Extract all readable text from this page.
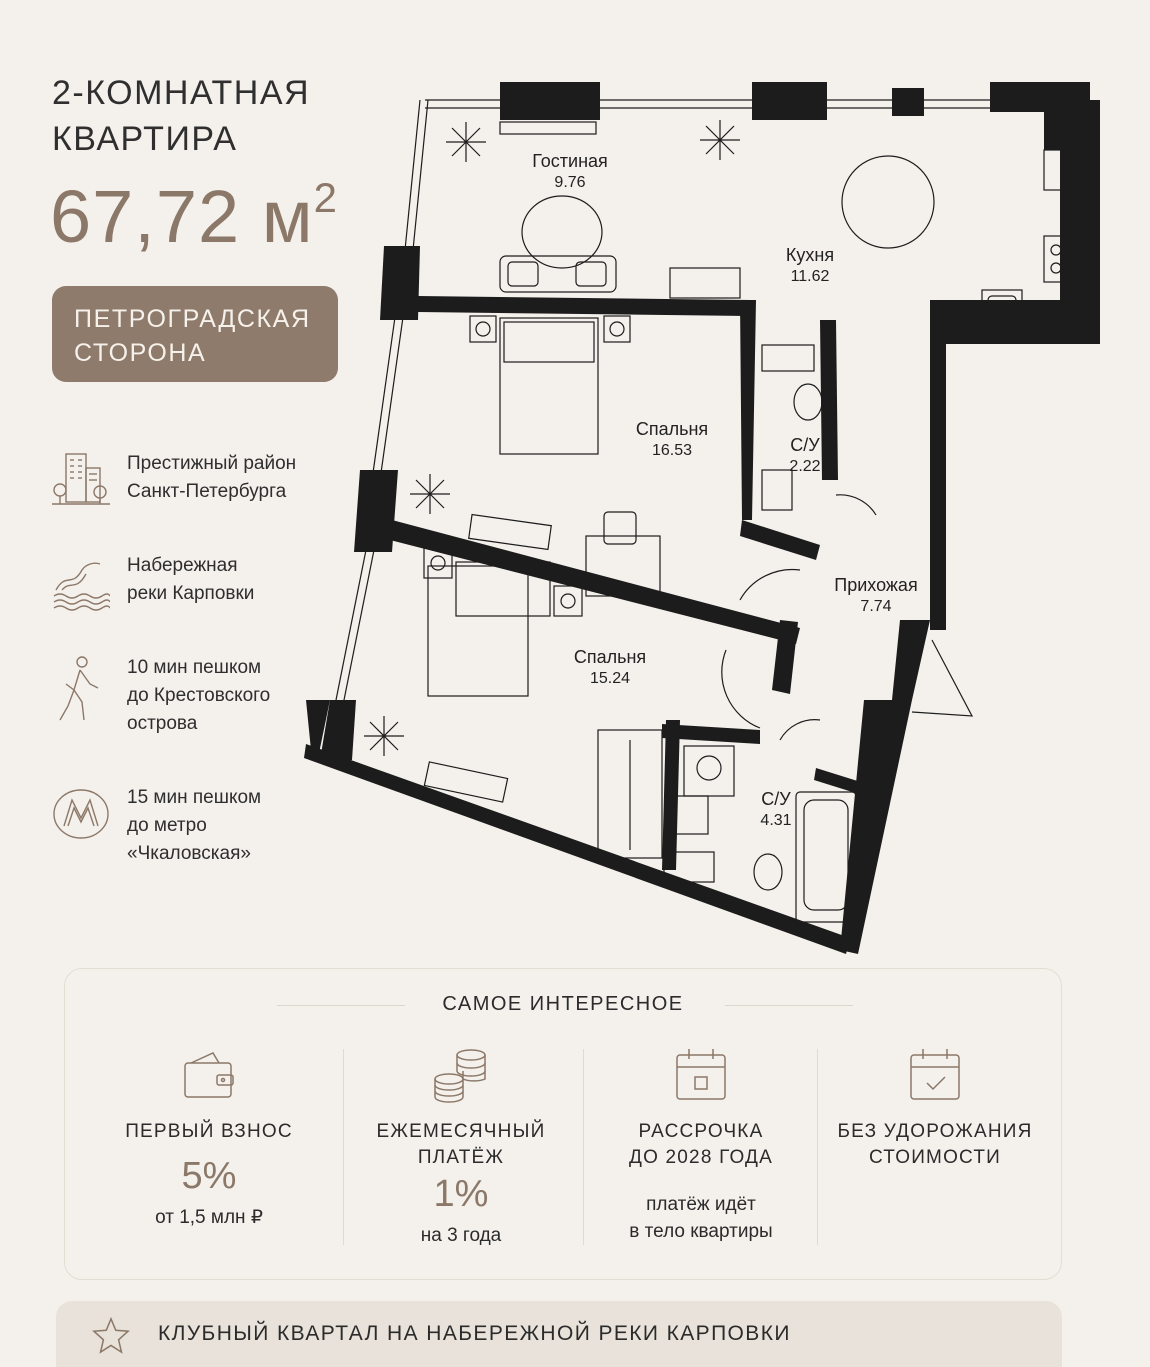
2-КОМНАТНАЯ
КВАРТИРА
67,72 $м^2$
ПЕТРОГРАДСКАЯ
СТОРОНА
Престижный район
Санкт-Петербурга
Набережная
реки Карповки
10 мин пешком
до Крестовского
острова
15 мин пешком
до метро
«Чкаловская»
Гостиная
9.76
Кухня
11.62
Спальня
16.53	С/У
2.22
Прихожая
7.74
Спальня
15.24
С/У
4.31
САМОЕ ИНТЕРЕСНОЕ
ПЕРВЫЙ ВЗНОС
5%
от 1,5 млн ₽
ЕЖЕМЕСЯЧНЫЙ
ПЛАТЁЖ
1%
на 3 года
РАССРОЧКА
ДО 2028 ГОДА
платёж идёт
в тело квартиры
БЕЗ УДОРОЖАНИЯ
СТОИМОСТИ
КЛУБНЫЙ КВАРТАЛ НА НАБЕРЕЖНОЙ РЕКИ КАРПОВКИ
